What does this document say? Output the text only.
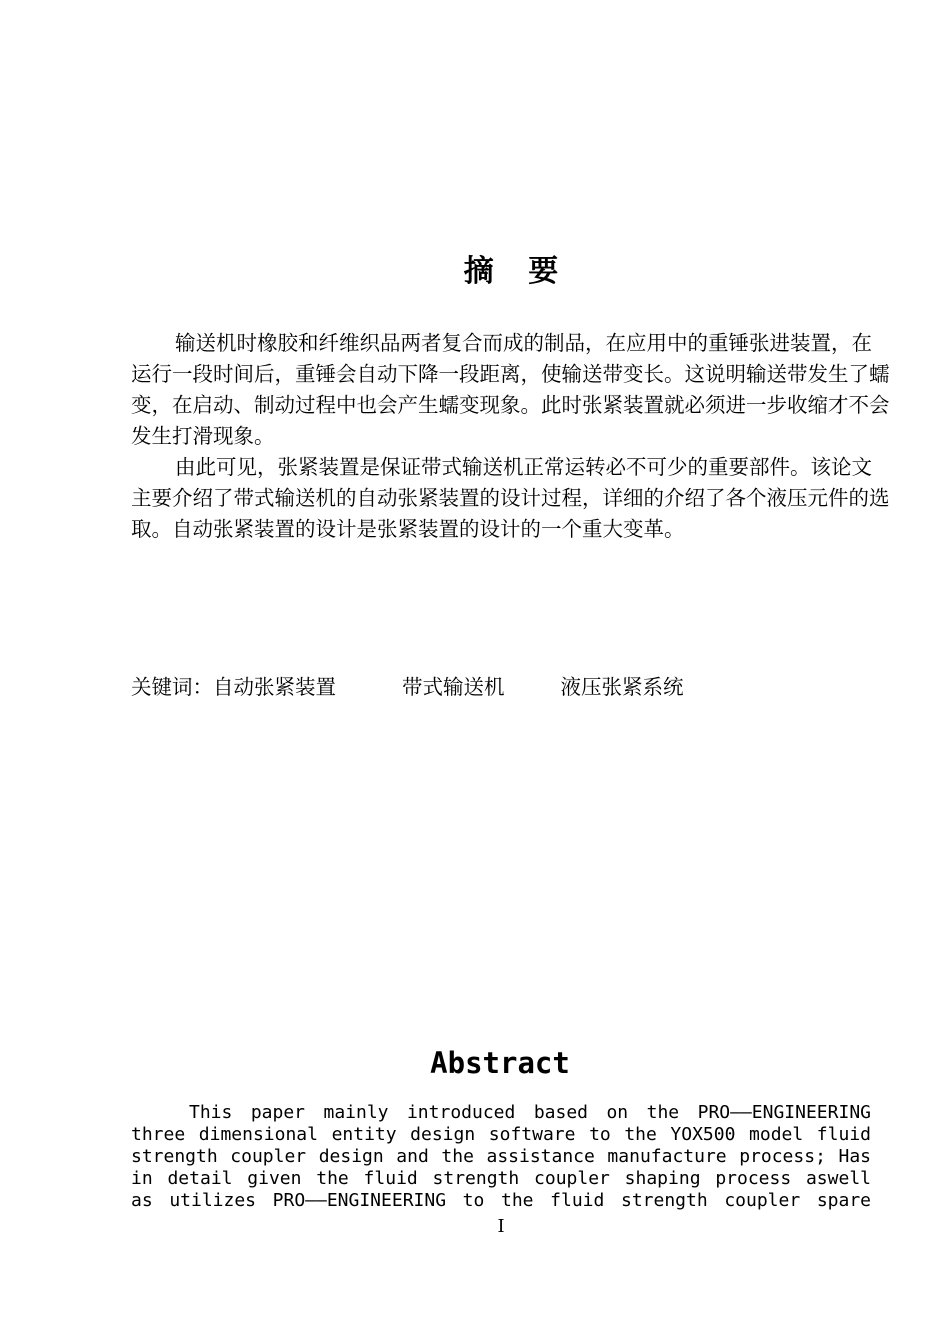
摘 要

输送机时橡胶和纤维织品两者复合而成的制品，在应用中的重锤张进装置，在运行一段时间后，重锤会自动下降一段距离，使输送带变长。这说明输送带发生了蠕变，在启动、制动过程中也会产生蠕变现象。此时张紧装置就必须进一步收缩才不会发生打滑现象。

由此可见，张紧装置是保证带式输送机正常运转必不可少的重要部件。该论文主要介绍了带式输送机的自动张紧装置的设计过程，详细的介绍了各个液压元件的选取。自动张紧装置的设计是张紧装置的设计的一个重大变革。

关键词：自动张紧装置	带式输送机	液压张紧系统
Abstract
This paper mainly introduced based on the PRO——ENGINEERING
three dimensional entity design software to the YOX500 model fluid
strength coupler design and the assistance manufacture process; Has
in detail given the fluid strength coupler shaping process aswell
as utilizes PRO——ENGINEERING to the fluid strength coupler spare
I
